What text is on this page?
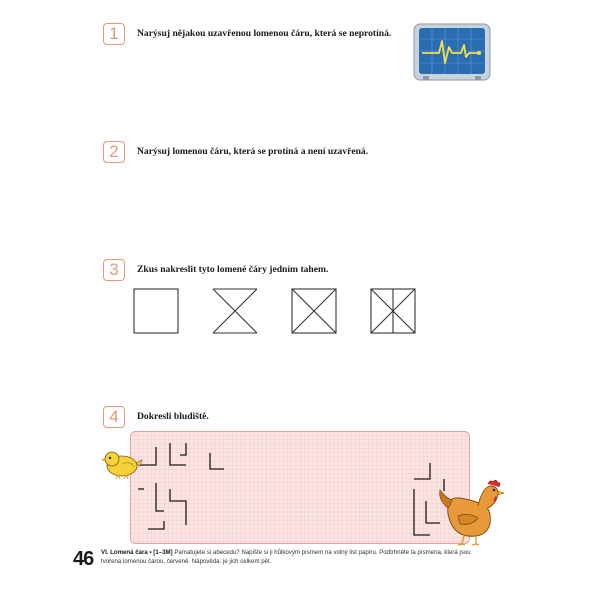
1	Narýsuj nějakou uzavřenou lomenou čáru, která se neprotíná.
2	Narýsuj lomenou čáru, která se protíná a není uzavřená.
3	Zkus nakreslit tyto lomené čáry jedním tahem.
4	Dokresli bludiště.
46 VI. Lomená čára • [1–3M] Pamatujete si abecedu? Napište si ji hůlkovým písmem na volný list papíru. Podtrhněte ta písmena, která jsou tvořena lomenou čarou, červeně. Nápověda: je jich celkem pět.
